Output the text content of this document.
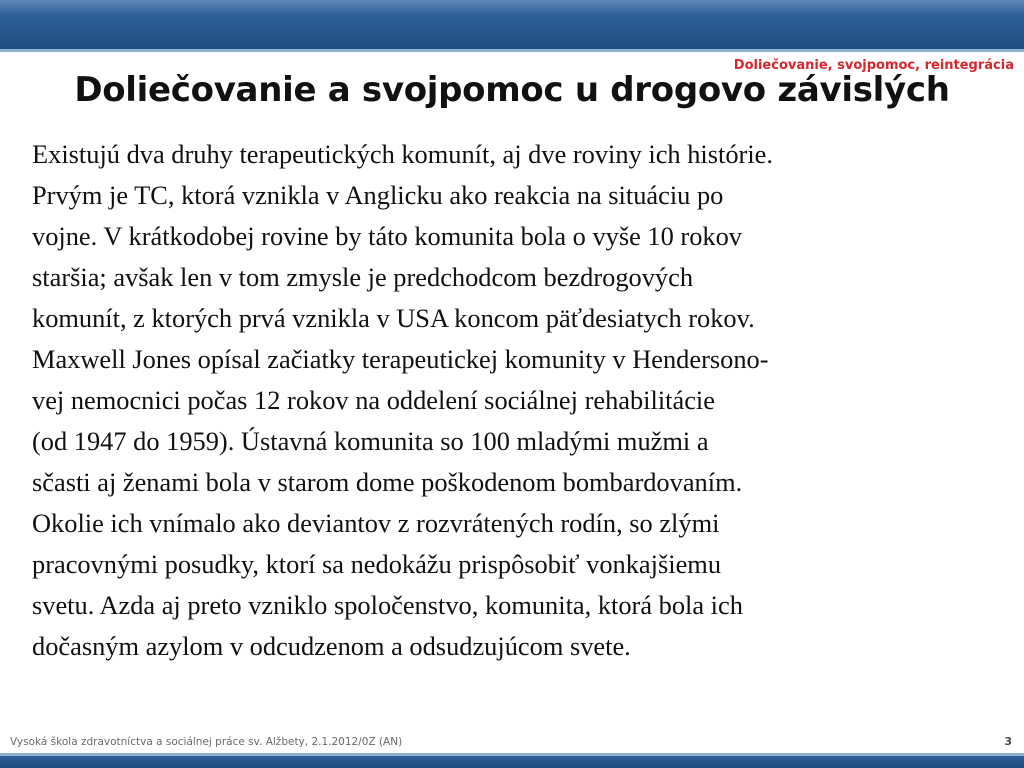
Doliečovanie, svojpomoc, reintegrácia
Doliečovanie a svojpomoc u drogovo závislých
Existujú dva druhy terapeutických komunít, aj dve roviny ich histórie.
Prvým je TC, ktorá vznikla v Anglicku ako reakcia na situáciu po
vojne. V krátkodobej rovine by táto komunita bola o vyše 10 rokov
staršia; avšak len v tom zmysle je predchodcom bezdrogových
komunít, z ktorých prvá vznikla v USA koncom päťdesiatych rokov.
Maxwell Jones opísal začiatky terapeutickej komunity v Hendersono-
vej nemocnici počas 12 rokov na oddelení sociálnej rehabilitácie
(od 1947 do 1959). Ústavná komunita so 100 mladými mužmi a
sčasti aj ženami bola v starom dome poškodenom bombardovaním.
Okolie ich vnímalo ako deviantov z rozvrátených rodín, so zlými
pracovnými posudky, ktorí sa nedokážu prispôsobiť vonkajšiemu
svetu. Azda aj preto vzniklo spoločenstvo, komunita, ktorá bola ich
dočasným azylom v odcudzenom a odsudzujúcom svete.
Vysoká škola zdravotníctva a sociálnej práce sv. Alžbety, 2.1.2012/0Z (AN)	3
